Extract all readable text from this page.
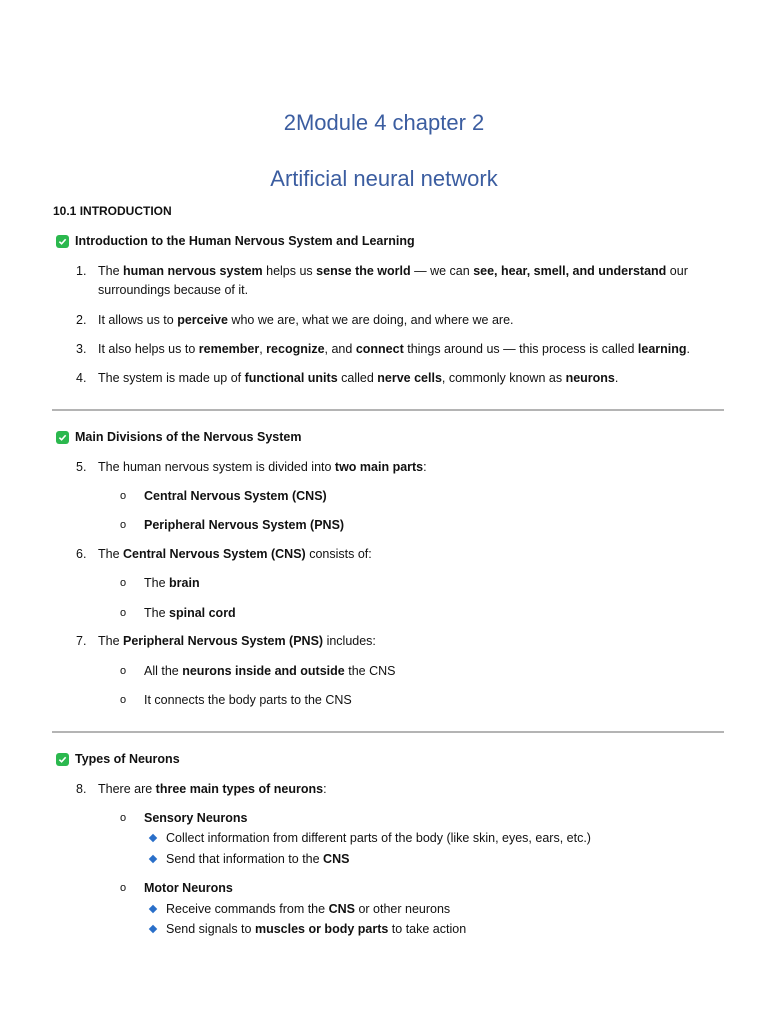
2Module 4 chapter 2
Artificial neural network
10.1 INTRODUCTION
Introduction to the Human Nervous System and Learning
1. The human nervous system helps us sense the world — we can see, hear, smell, and understand our surroundings because of it.
2. It allows us to perceive who we are, what we are doing, and where we are.
3. It also helps us to remember, recognize, and connect things around us — this process is called learning.
4. The system is made up of functional units called nerve cells, commonly known as neurons.
Main Divisions of the Nervous System
5. The human nervous system is divided into two main parts:
o Central Nervous System (CNS)
o Peripheral Nervous System (PNS)
6. The Central Nervous System (CNS) consists of:
o The brain
o The spinal cord
7. The Peripheral Nervous System (PNS) includes:
o All the neurons inside and outside the CNS
o It connects the body parts to the CNS
Types of Neurons
8. There are three main types of neurons:
o Sensory Neurons
Collect information from different parts of the body (like skin, eyes, ears, etc.)
Send that information to the CNS
o Motor Neurons
Receive commands from the CNS or other neurons
Send signals to muscles or body parts to take action
